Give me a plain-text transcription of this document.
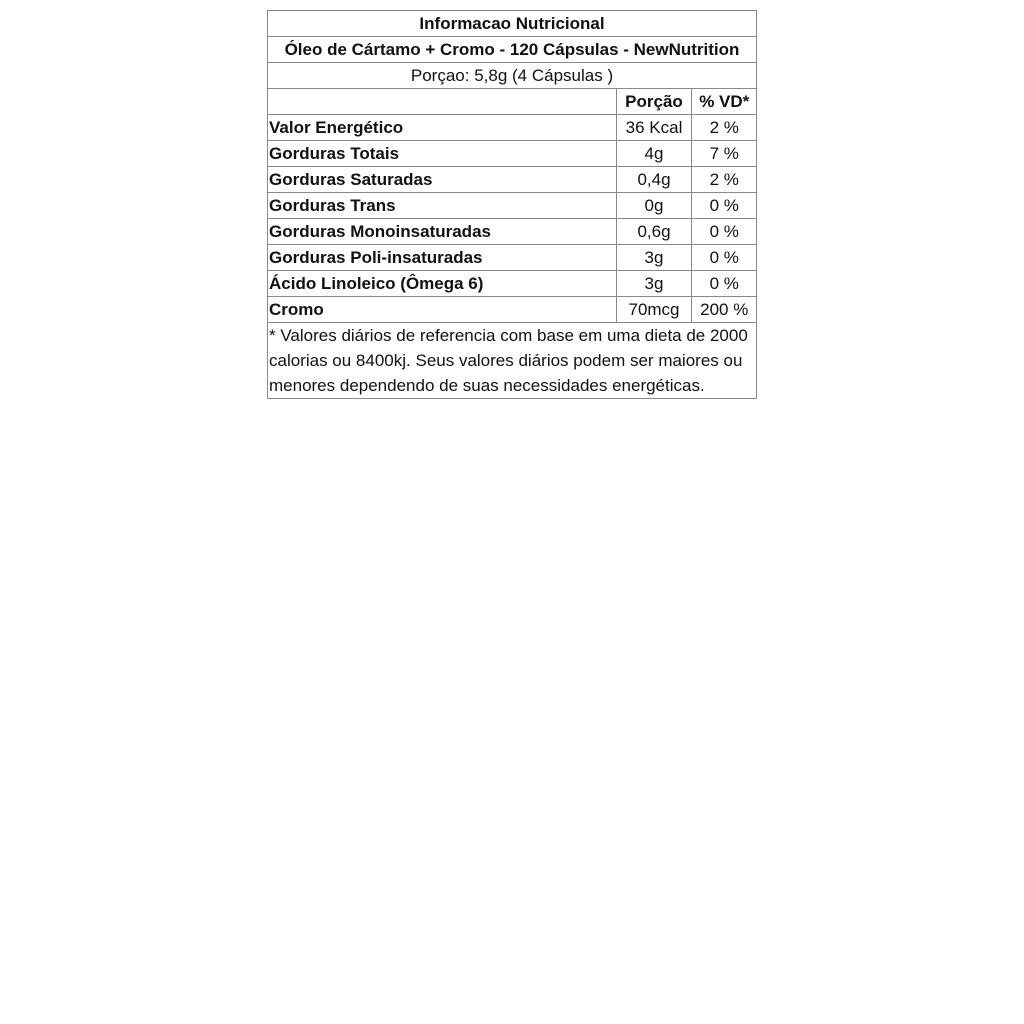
Informacao Nutricional
Óleo de Cártamo + Cromo - 120 Cápsulas - NewNutrition
Porçao: 5,8g (4 Cápsulas )
	Porção	% VD*
Valor Energético	36 Kcal	2 %
Gorduras Totais	4g	7 %
Gorduras Saturadas	0,4g	2 %
Gorduras Trans	0g	0 %
Gorduras Monoinsaturadas	0,6g	0 %
Gorduras Poli-insaturadas	3g	0 %
Ácido Linoleico (Ômega 6)	3g	0 %
Cromo	70mcg	200 %
* Valores diários de referencia com base em uma dieta de 2000 calorias ou 8400kj. Seus valores diários podem ser maiores ou menores dependendo de suas necessidades energéticas.
